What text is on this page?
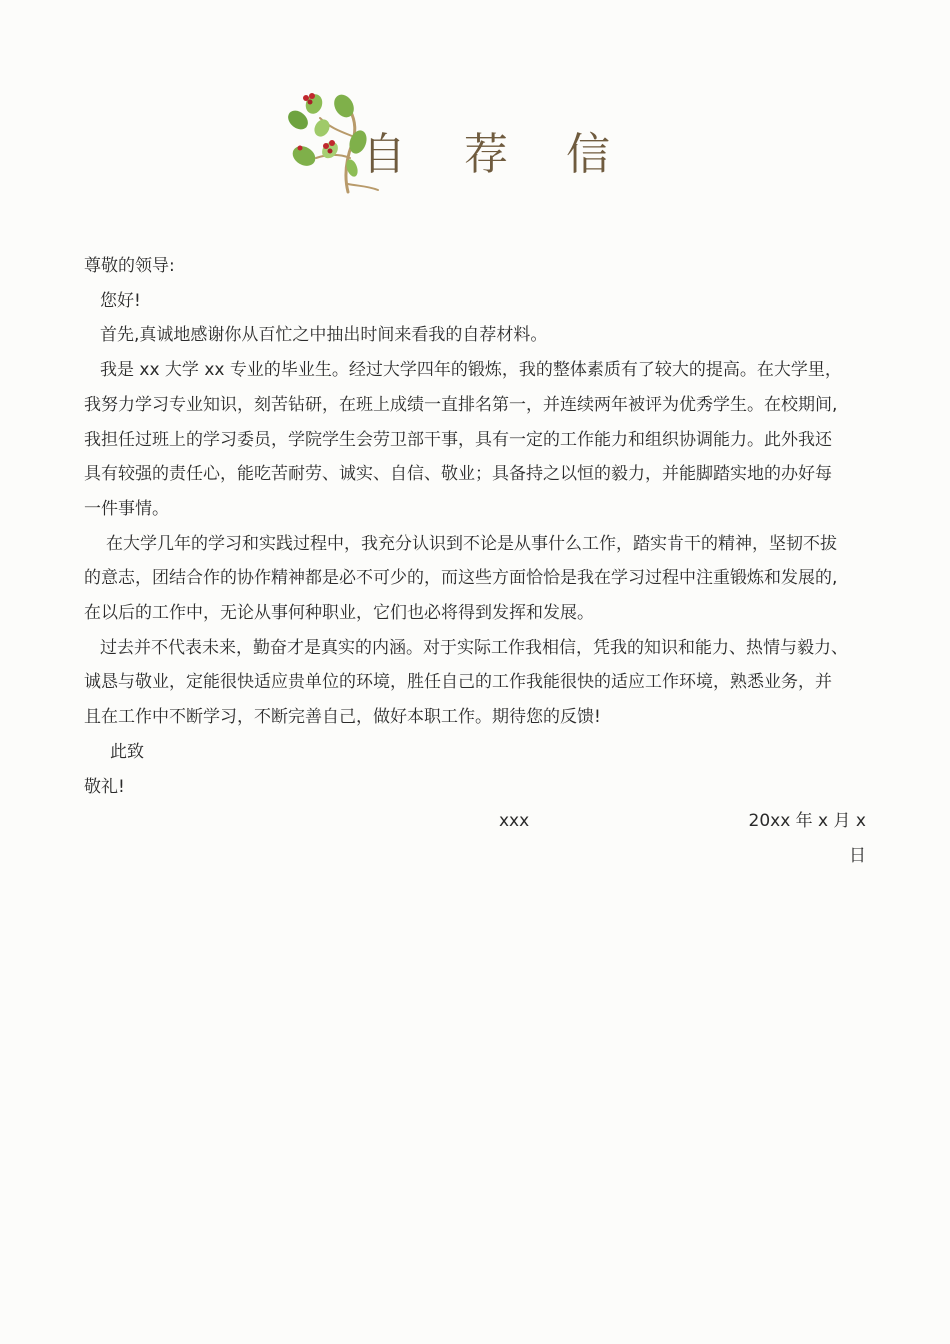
自 荐 信
尊敬的领导:
您好!
首先,真诚地感谢你从百忙之中抽出时间来看我的自荐材料。
我是 xx 大学 xx 专业的毕业生。经过大学四年的锻炼，我的整体素质有了较大的提高。在大学里，
我努力学习专业知识，刻苦钻研，在班上成绩一直排名第一，并连续两年被评为优秀学生。在校期间,
我担任过班上的学习委员，学院学生会劳卫部干事，具有一定的工作能力和组织协调能力。此外我还
具有较强的责任心，能吃苦耐劳、诚实、自信、敬业；具备持之以恒的毅力，并能脚踏实地的办好每
一件事情。
在大学几年的学习和实践过程中，我充分认识到不论是从事什么工作，踏实肯干的精神，坚韧不拔
的意志，团结合作的协作精神都是必不可少的，而这些方面恰恰是我在学习过程中注重锻炼和发展的,
在以后的工作中，无论从事何种职业，它们也必将得到发挥和发展。
过去并不代表未来，勤奋才是真实的内涵。对于实际工作我相信，凭我的知识和能力、热情与毅力、
诚恳与敬业，定能很快适应贵单位的环境，胜任自己的工作我能很快的适应工作环境，熟悉业务，并
且在工作中不断学习，不断完善自己，做好本职工作。期待您的反馈!
此致
敬礼!
xxx	20xx 年 x 月 x
日
